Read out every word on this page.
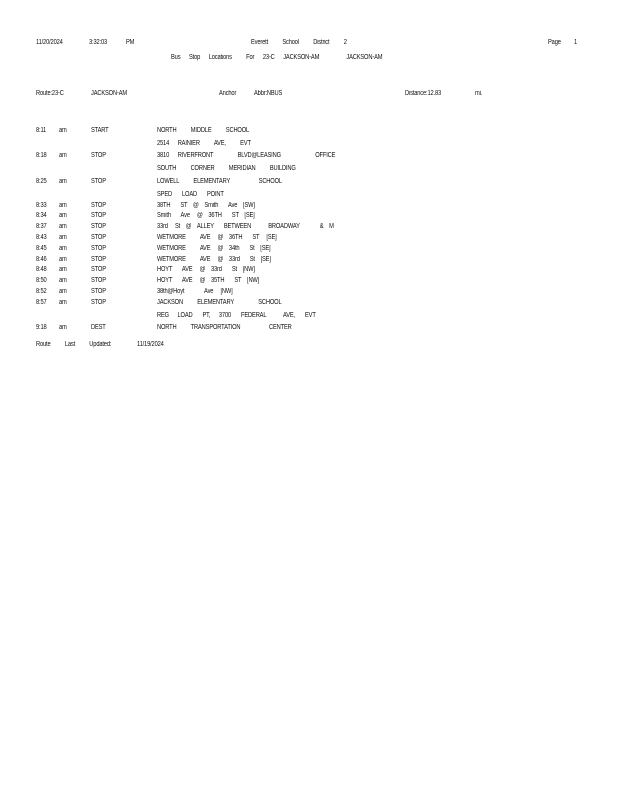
11/20/2024	3:32:03	PM	Everett          School          District          2	Page 1
Bus      Stop      Locations          For      23-C      JACKSON-AM                   JACKSON-AM
Route:23-C	JACKSON-AM	Anchor	Abbr:NBUS	Distance:12.83	mi.
8:11 am	START	NORTH          MIDDLE          SCHOOL
2514      RAINIER          AVE,          EVT
8:18 am	STOP	3810      RIVERFRONT                 BLVD@LEASING                        OFFICE
SOUTH          CORNER          MERIDIAN          BUILDING
8:25 am	STOP	LOWELL          ELEMENTARY                    SCHOOL
SPED       LOAD       POINT
8:33 am	STOP	38TH       ST    @    Smith       Ave    [SW]
8:34 am	STOP	Smith       Ave     @    36TH       ST    [SE]
8:37 am	STOP	33rd     St    @    ALLEY       BETWEEN            BROADWAY              &    M
8:43 am	STOP	WETMORE          AVE     @    36TH       ST     [SE]
8:45 am	STOP	WETMORE          AVE     @    34th       St    [SE]
8:46 am	STOP	WETMORE          AVE     @    33rd       St    [SE]
8:48 am	STOP	HOYT       AVE     @    33rd       St    [NW]
8:50 am	STOP	HOYT       AVE     @    35TH       ST    [NW]
8:52 am	STOP	38th@Hoyt              Ave     [NW]
8:57 am	STOP	JACKSON          ELEMENTARY                 SCHOOL
REG      LOAD       PT,      3700       FEDERAL            AVE,       EVT
9:18 am	DEST	NORTH          TRANSPORTATION                    CENTER
Route          Last          Updated:	11/19/2024
